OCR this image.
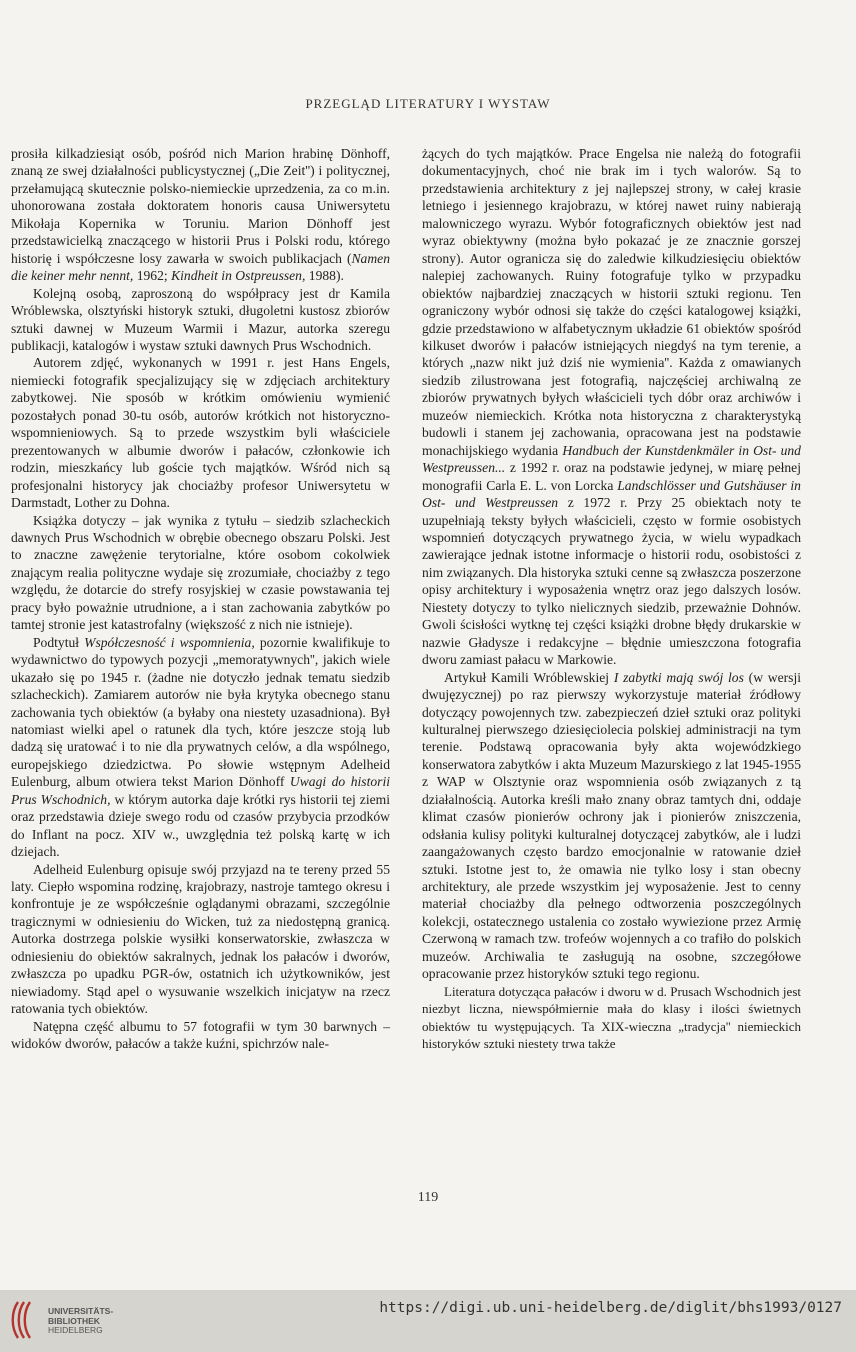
PRZEGLĄD LITERATURY I WYSTAW

prosiła kilkadziesiąt osób, pośród nich Marion hrabinę Dönhoff, znaną ze swej działalności publicystycznej („Die Zeit'') i politycznej, przełamującą skutecznie polsko-niemieckie uprzedzenia, za co m.in. uhonorowana została doktoratem honoris causa Uniwersytetu Mikołaja Kopernika w Toruniu. Marion Dönhoff jest przedstawicielką znaczącego w historii Prus i Polski rodu, którego historię i współczesne losy zawarła w swoich publikacjach (Namen die keiner mehr nennt, 1962; Kindheit in Ostpreussen, 1988).

Kolejną osobą, zaproszoną do współpracy jest dr Kamila Wróblewska, olsztyński historyk sztuki, długoletni kustosz zbiorów sztuki dawnej w Muzeum Warmii i Mazur, autorka szeregu publikacji, katalogów i wystaw sztuki dawnych Prus Wschodnich.

Autorem zdjęć, wykonanych w 1991 r. jest Hans Engels, niemiecki fotografik specjalizujący się w zdjęciach architektury zabytkowej. Nie sposób w krótkim omówieniu wymienić pozostałych ponad 30-tu osób, autorów krótkich not historyczno-wspomnieniowych. Są to przede wszystkim byli właściciele prezentowanych w albumie dworów i pałaców, członkowie ich rodzin, mieszkańcy lub goście tych majątków. Wśród nich są profesjonalni historycy jak chociażby profesor Uniwersytetu w Darmstadt, Lother zu Dohna.

Książka dotyczy – jak wynika z tytułu – siedzib szlacheckich dawnych Prus Wschodnich w obrębie obecnego obszaru Polski. Jest to znaczne zawężenie terytorialne, które osobom cokolwiek znającym realia polityczne wydaje się zrozumiałe, chociażby z tego względu, że dotarcie do strefy rosyjskiej w czasie powstawania tej pracy było poważnie utrudnione, a i stan zachowania zabytków po tamtej stronie jest katastrofalny (większość z nich nie istnieje).

Podtytuł Współczesność i wspomnienia, pozornie kwalifikuje to wydawnictwo do typowych pozycji „memoratywnych'', jakich wiele ukazało się po 1945 r. (żadne nie dotyczło jednak tematu siedzib szlacheckich). Zamiarem autorów nie była krytyka obecnego stanu zachowania tych obiektów (a byłaby ona niestety uzasadniona). Był natomiast wielki apel o ratunek dla tych, które jeszcze stoją lub dadzą się uratować i to nie dla prywatnych celów, a dla wspólnego, europejskiego dziedzictwa. Po słowie wstępnym Adelheid Eulenburg, album otwiera tekst Marion Dönhoff Uwagi do historii Prus Wschodnich, w którym autorka daje krótki rys historii tej ziemi oraz przedstawia dzieje swego rodu od czasów przybycia przodków do Inflant na pocz. XIV w., uwzględnia też polską kartę w ich dziejach.

Adelheid Eulenburg opisuje swój przyjazd na te tereny przed 55 laty. Ciepło wspomina rodzinę, krajobrazy, nastroje tamtego okresu i konfrontuje je ze współcześnie oglądanymi obrazami, szczególnie tragicznymi w odniesieniu do Wicken, tuż za niedostępną granicą. Autorka dostrzega polskie wysiłki konserwatorskie, zwłaszcza w odniesieniu do obiektów sakralnych, jednak los pałaców i dworów, zwłaszcza po upadku PGR-ów, ostatnich ich użytkowników, jest niewiadomy. Stąd apel o wysuwanie wszelkich inicjatyw na rzecz ratowania tych obiektów.

Natępna część albumu to 57 fotografii w tym 30 barwnych – widoków dworów, pałaców a także kuźni, spichrzów nale-

żących do tych majątków. Prace Engelsa nie należą do fotografii dokumentacyjnych, choć nie brak im i tych walorów. Są to przedstawienia architektury z jej najlepszej strony, w całej krasie letniego i jesiennego krajobrazu, w której nawet ruiny nabierają malowniczego wyrazu. Wybór fotograficznych obiektów jest nad wyraz obiektywny (można było pokazać je ze znacznie gorszej strony). Autor ogranicza się do zaledwie kilkudziesięciu obiektów nalepiej zachowanych. Ruiny fotografuje tylko w przypadku obiektów najbardziej znaczących w historii sztuki regionu. Ten ograniczony wybór odnosi się także do części katalogowej książki, gdzie przedstawiono w alfabetycznym układzie 61 obiektów spośród kilkuset dworów i pałaców istniejących niegdyś na tym terenie, a których „nazw nikt już dziś nie wymienia''. Każda z omawianych siedzib zilustrowana jest fotografią, najczęściej archiwalną ze zbiorów prywatnych byłych właścicieli tych dóbr oraz archiwów i muzeów niemieckich. Krótka nota historyczna z charakterystyką budowli i stanem jej zachowania, opracowana jest na podstawie monachijskiego wydania Handbuch der Kunstdenkmäler in Ost- und Westpreussen... z 1992 r. oraz na podstawie jedynej, w miarę pełnej monografii Carla E. L. von Lorcka Landschlösser und Gutshäuser in Ost- und Westpreussen z 1972 r. Przy 25 obiektach noty te uzupełniają teksty byłych właścicieli, często w formie osobistych wspomnień dotyczących prywatnego życia, w wielu wypadkach zawierające jednak istotne informacje o historii rodu, osobistości z nim związanych. Dla historyka sztuki cenne są zwłaszcza poszerzone opisy architektury i wyposażenia wnętrz oraz jego dalszych losów. Niestety dotyczy to tylko nielicznych siedzib, przeważnie Dohnów. Gwoli ścisłości wytknę tej części książki drobne błędy drukarskie w nazwie Gładysze i redakcyjne – błędnie umieszczona fotografia dworu zamiast pałacu w Markowie.

Artykuł Kamili Wróblewskiej I zabytki mają swój los (w wersji dwujęzycznej) po raz pierwszy wykorzystuje materiał źródłowy dotyczący powojennych tzw. zabezpieczeń dzieł sztuki oraz polityki kulturalnej pierwszego dziesięciolecia polskiej administracji na tym terenie. Podstawą opracowania były akta wojewódzkiego konserwatora zabytków i akta Muzeum Mazurskiego z lat 1945-1955 z WAP w Olsztynie oraz wspomnienia osób związanych z tą działalnością. Autorka kreśli mało znany obraz tamtych dni, oddaje klimat czasów pionierów ochrony jak i pionierów zniszczenia, odsłania kulisy polityki kulturalnej dotyczącej zabytków, ale i ludzi zaangażowanych często bardzo emocjonalnie w ratowanie dzieł sztuki. Istotne jest to, że omawia nie tylko losy i stan obecny architektury, ale przede wszystkim jej wyposażenie. Jest to cenny materiał chociażby dla pełnego odtworzenia poszczególnych kolekcji, ostatecznego ustalenia co zostało wywiezione przez Armię Czerwoną w ramach tzw. trofeów wojennych a co trafiło do polskich muzeów. Archiwalia te zasługują na osobne, szczegółowe opracowanie przez historyków sztuki tego regionu.

Literatura dotycząca pałaców i dworu w d. Prusach Wschodnich jest niezbyt liczna, niewspółmiernie mała do klasy i ilości świetnych obiektów tu występujących. Ta XIX-wieczna „tradycja'' niemieckich historyków sztuki niestety trwa także

119
UNIVERSITÄTS-
BIBLIOTHEK
HEIDELBERG
https://digi.ub.uni-heidelberg.de/diglit/bhs1993/0127
